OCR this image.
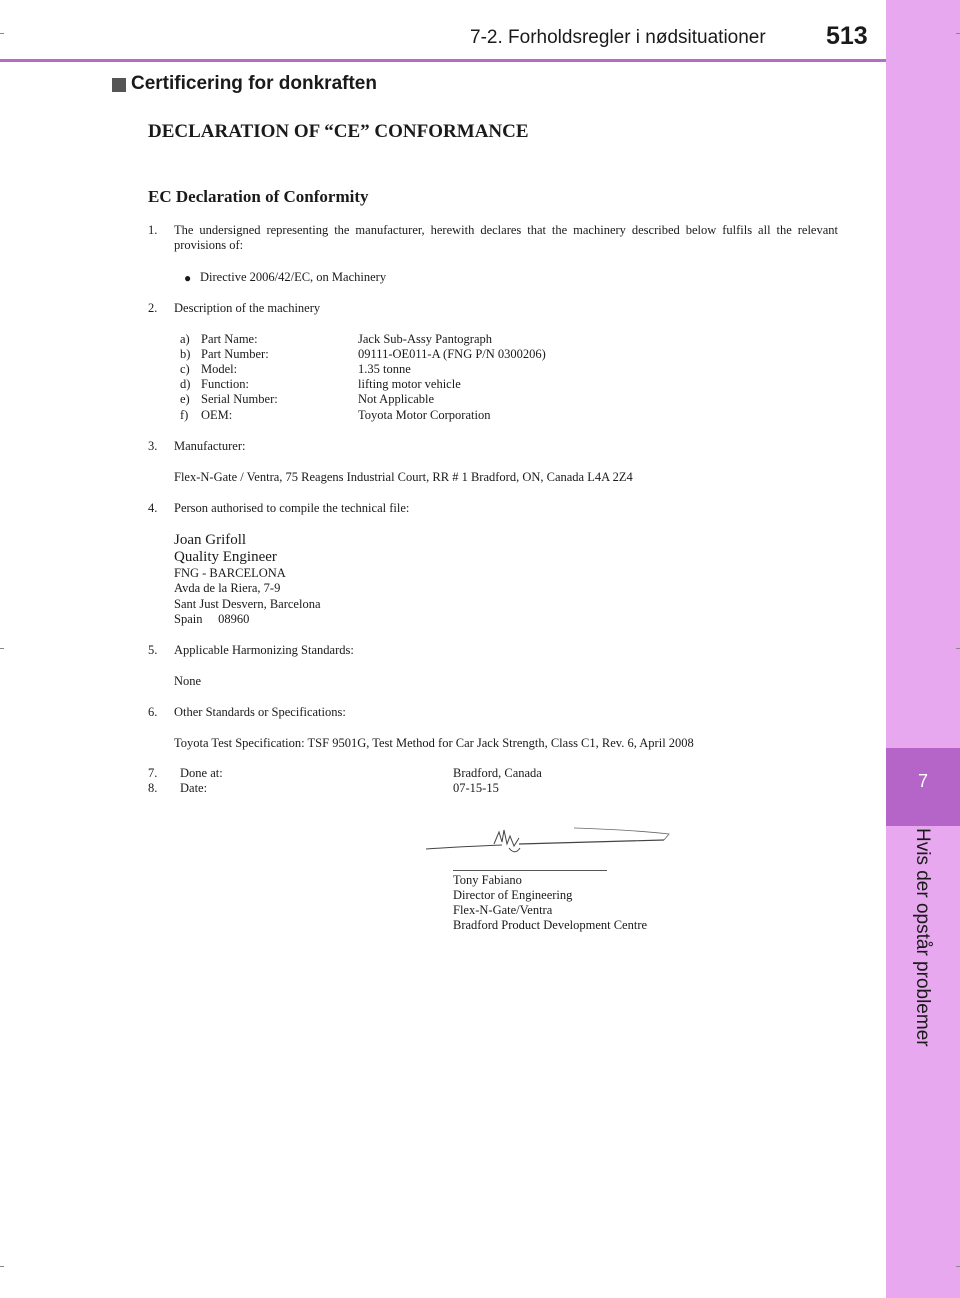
7
Hvis der opstår problemer
7-2. Forholdsregler i nødsituationer 513
Certificering for donkraften
DECLARATION OF “CE” CONFORMANCE
EC Declaration of Conformity
1. The undersigned representing the manufacturer, herewith declares that the machinery described below fulfils all the relevant provisions of:
● Directive 2006/42/EC, on Machinery
2. Description of the machinery
a) Part Name:	Jack Sub-Assy Pantograph
b) Part Number:	09111-OE011-A (FNG P/N 0300206)
c) Model:	1.35 tonne
d) Function:	lifting motor vehicle
e) Serial Number:	Not Applicable
f) OEM:	Toyota Motor Corporation
3. Manufacturer:
Flex-N-Gate / Ventra, 75 Reagens Industrial Court, RR # 1 Bradford, ON, Canada L4A 2Z4
4. Person authorised to compile the technical file:
Joan Grifoll
Quality Engineer
FNG - BARCELONA
Avda de la Riera, 7-9
Sant Just Desvern, Barcelona
Spain     08960
5. Applicable Harmonizing Standards:
None
6. Other Standards or Specifications:
Toyota Test Specification: TSF 9501G, Test Method for Car Jack Strength, Class C1, Rev. 6, April 2008
7. Done at:	Bradford, Canada
8. Date:	07-15-15
Tony Fabiano
Director of Engineering
Flex-N-Gate/Ventra
Bradford Product Development Centre
